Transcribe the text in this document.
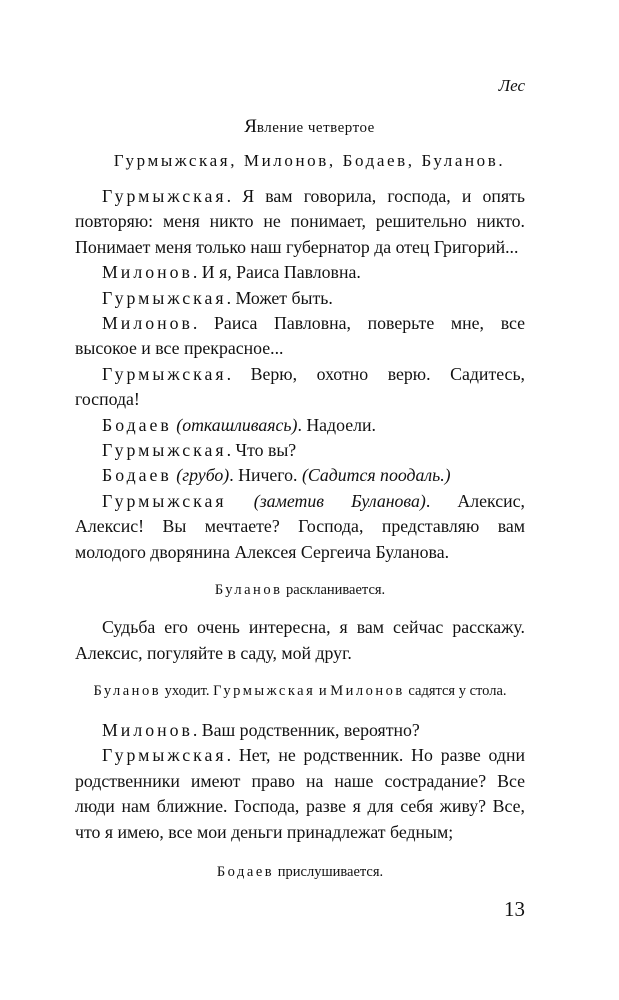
Лес
Явление четвертое
Гурмыжская, Милонов, Бодаев, Буланов.
Гурмыжская. Я вам говорила, господа, и опять повторяю: меня никто не понимает, решительно никто. Понимает меня только наш губернатор да отец Григорий...
Милонов. И я, Раиса Павловна.
Гурмыжская. Может быть.
Милонов. Раиса Павловна, поверьте мне, все высокое и все прекрасное...
Гурмыжская. Верю, охотно верю. Садитесь, господа!
Бодаев (откашливаясь). Надоели.
Гурмыжская. Что вы?
Бодаев (грубо). Ничего. (Садится поодаль.)
Гурмыжская (заметив Буланова). Алексис, Алексис! Вы мечтаете? Господа, представляю вам молодого дворянина Алексея Сергеича Буланова.
Буланов раскланивается.
Судьба его очень интересна, я вам сейчас расскажу. Алексис, погуляйте в саду, мой друг.
Буланов уходит. Гурмыжская и Милонов садятся у стола.
Милонов. Ваш родственник, вероятно?
Гурмыжская. Нет, не родственник. Но разве одни родственники имеют право на наше сострадание? Все люди нам ближние. Господа, разве я для себя живу? Все, что я имею, все мои деньги принадлежат бедным;
Бодаев прислушивается.
13
